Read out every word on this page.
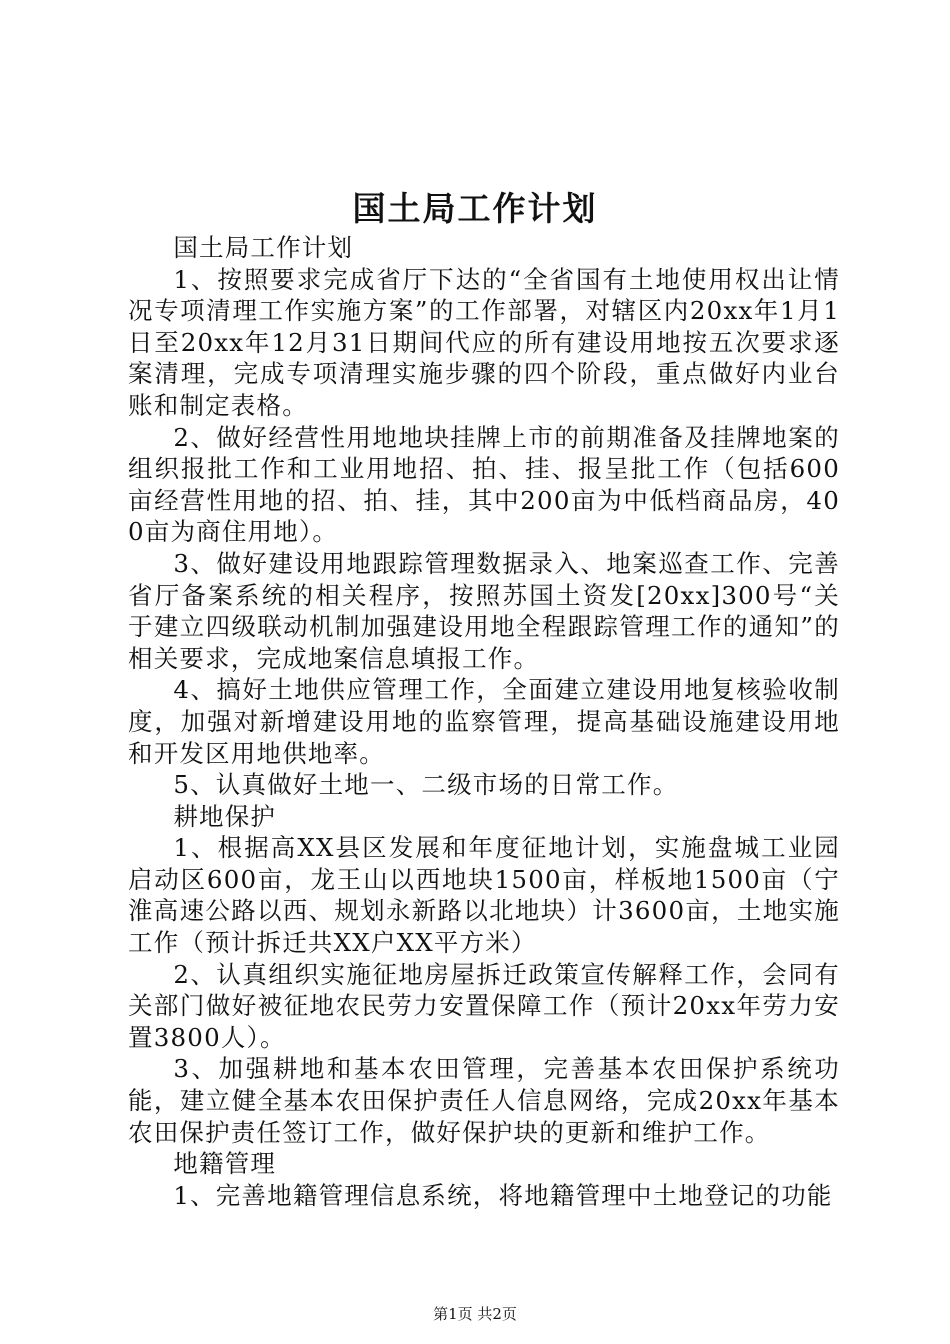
国土局工作计划

国土局工作计划

1、按照要求完成省厅下达的“全省国有土地使用权出让情况专项清理工作实施方案”的工作部署，对辖区内20xx年1月1日至20xx年12月31日期间代应的所有建设用地按五次要求逐案清理，完成专项清理实施步骤的四个阶段，重点做好内业台账和制定表格。

2、做好经营性用地地块挂牌上市的前期准备及挂牌地案的组织报批工作和工业用地招、拍、挂、报呈批工作（包括600亩经营性用地的招、拍、挂，其中200亩为中低档商品房，400亩为商住用地）。

3、做好建设用地跟踪管理数据录入、地案巡查工作、完善省厅备案系统的相关程序，按照苏国土资发[20xx]300号“关于建立四级联动机制加强建设用地全程跟踪管理工作的通知”的相关要求，完成地案信息填报工作。

4、搞好土地供应管理工作，全面建立建设用地复核验收制度，加强对新增建设用地的监察管理，提高基础设施建设用地和开发区用地供地率。

5、认真做好土地一、二级市场的日常工作。

耕地保护

1、根据高XX县区发展和年度征地计划，实施盘城工业园启动区600亩，龙王山以西地块1500亩，样板地1500亩（宁淮高速公路以西、规划永新路以北地块）计3600亩，土地实施工作（预计拆迁共XX户XX平方米）

2、认真组织实施征地房屋拆迁政策宣传解释工作，会同有关部门做好被征地农民劳力安置保障工作（预计20xx年劳力安置3800人）。

3、加强耕地和基本农田管理，完善基本农田保护系统功能，建立健全基本农田保护责任人信息网络，完成20xx年基本农田保护责任签订工作，做好保护块的更新和维护工作。

地籍管理

1、完善地籍管理信息系统，将地籍管理中土地登记的功能

第1页 共2页
